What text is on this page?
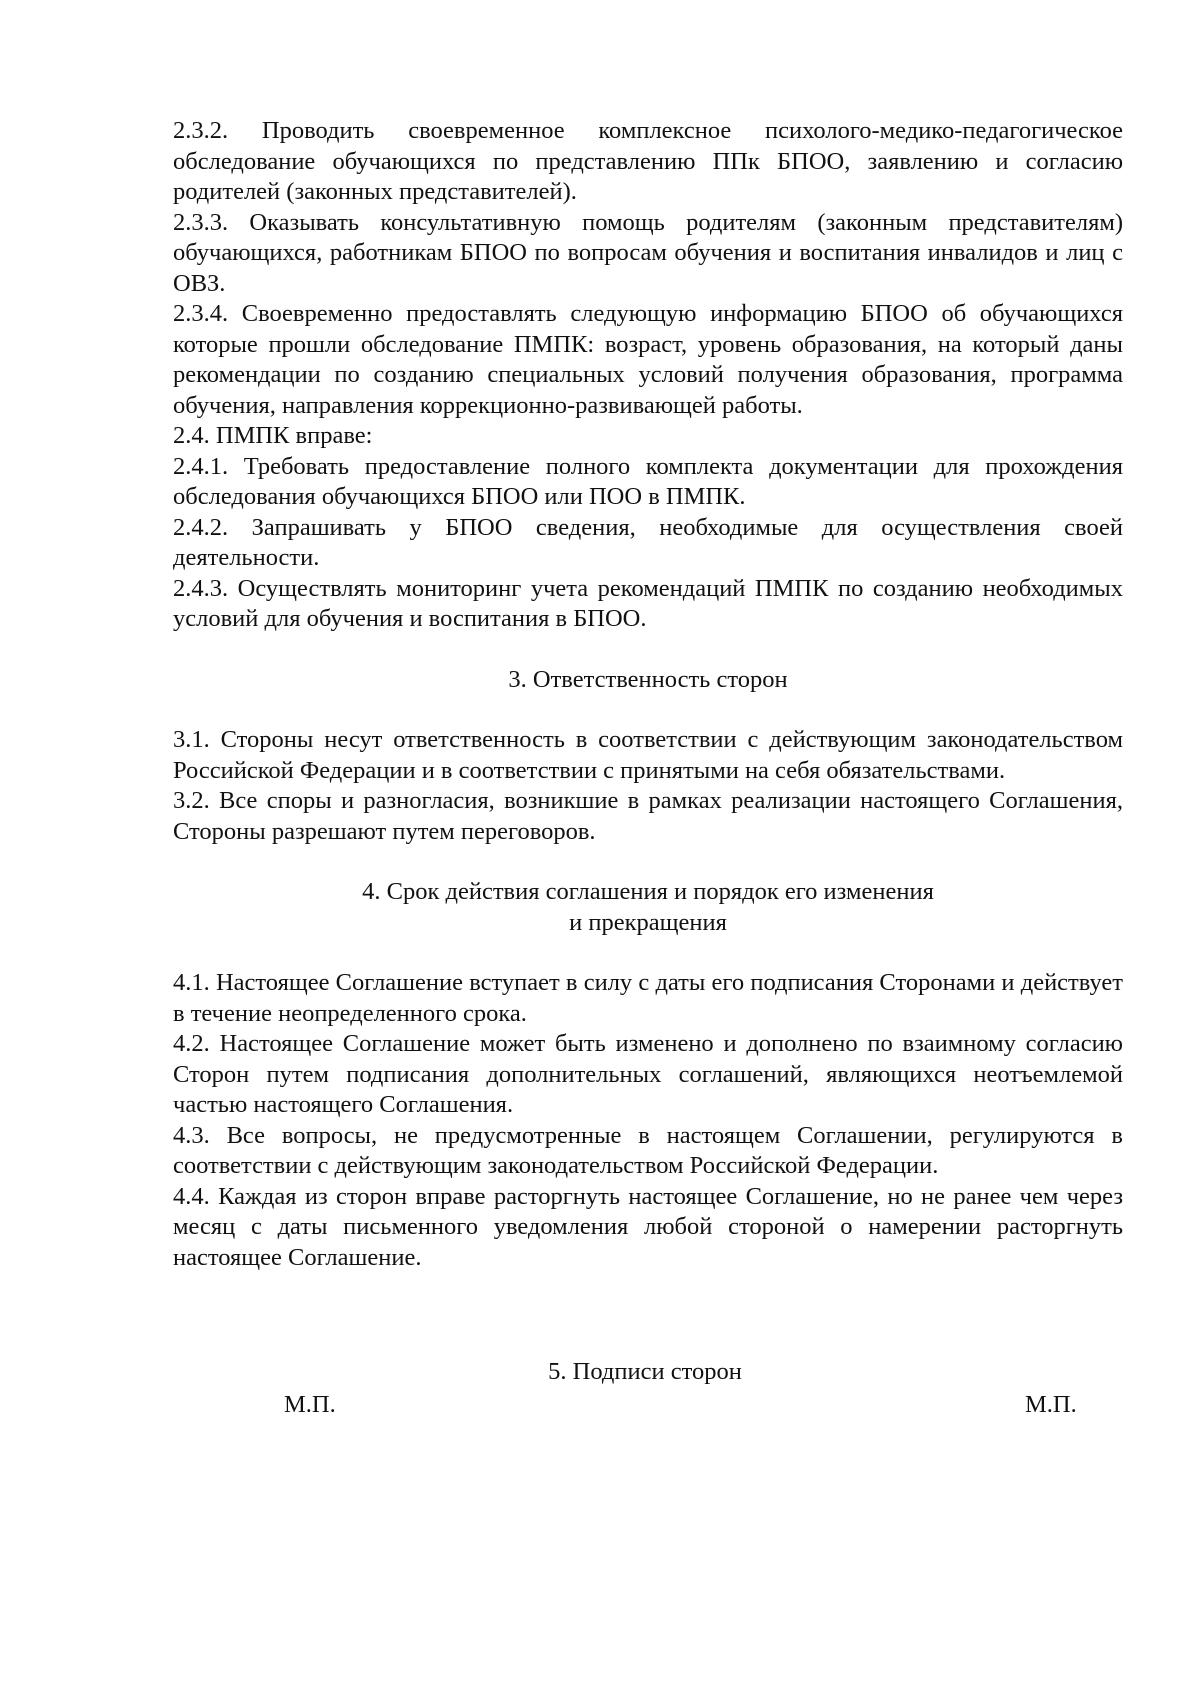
2.3.2. Проводить своевременное комплексное психолого-медико-педагогическое обследование обучающихся по представлению ППк БПОО, заявлению и согласию родителей (законных представителей).

2.3.3. Оказывать консультативную помощь родителям (законным представителям) обучающихся, работникам БПОО по вопросам обучения и воспитания инвалидов и лиц с ОВЗ.

2.3.4. Своевременно предоставлять следующую информацию БПОО об обучающихся которые прошли обследование ПМПК: возраст, уровень образования, на который даны рекомендации по созданию специальных условий получения образования, программа обучения, направления коррекционно-развивающей работы.

2.4. ПМПК вправе:

2.4.1. Требовать предоставление полного комплекта документации для прохождения обследования обучающихся БПОО или ПОО в ПМПК.

2.4.2. Запрашивать у БПОО сведения, необходимые для осуществления своей деятельности.

2.4.3. Осуществлять мониторинг учета рекомендаций ПМПК по созданию необходимых условий для обучения и воспитания в БПОО.

3. Ответственность сторон

3.1. Стороны несут ответственность в соответствии с действующим законодательством Российской Федерации и в соответствии с принятыми на себя обязательствами.

3.2. Все споры и разногласия, возникшие в рамках реализации настоящего Соглашения, Стороны разрешают путем переговоров.

4. Срок действия соглашения и порядок его изменения

и прекращения

4.1. Настоящее Соглашение вступает в силу с даты его подписания Сторонами и действует в течение неопределенного срока.

4.2. Настоящее Соглашение может быть изменено и дополнено по взаимному согласию Сторон путем подписания дополнительных соглашений, являющихся неотъемлемой частью настоящего Соглашения.

4.3. Все вопросы, не предусмотренные в настоящем Соглашении, регулируются в соответствии с действующим законодательством Российской Федерации.

4.4. Каждая из сторон вправе расторгнуть настоящее Соглашение, но не ранее чем через месяц с даты письменного уведомления любой стороной о намерении расторгнуть настоящее Соглашение.

5. Подписи сторон
М.П.	М.П.
